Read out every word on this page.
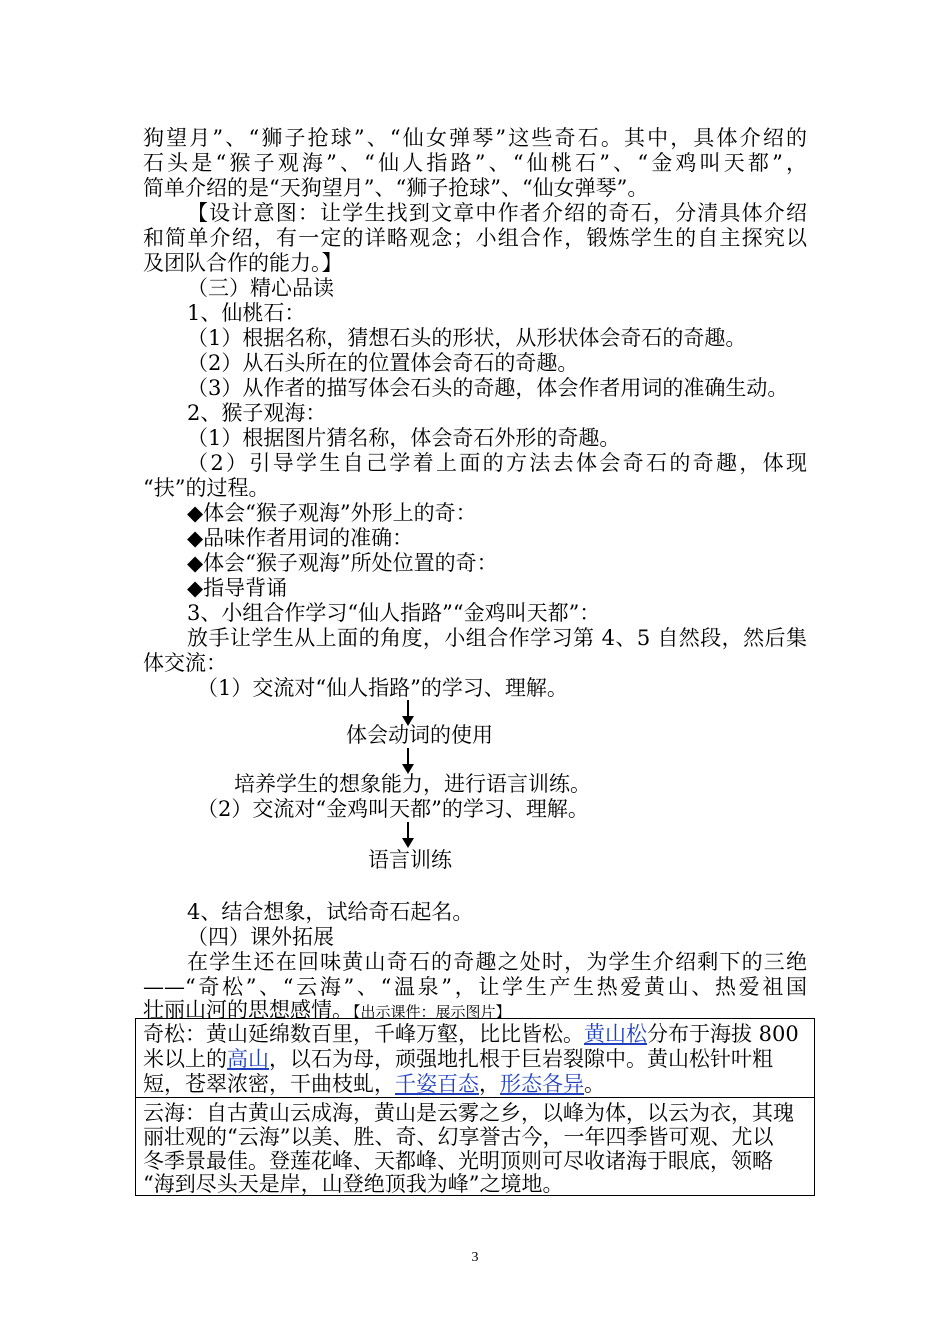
狗望月”、“狮子抢球”、“仙女弹琴”这些奇石。其中，具体介绍的
石头是“猴子观海”、“仙人指路”、“仙桃石”、“金鸡叫天都”，
简单介绍的是“天狗望月”、“狮子抢球”、“仙女弹琴”。
【设计意图：让学生找到文章中作者介绍的奇石，分清具体介绍
和简单介绍，有一定的详略观念；小组合作，锻炼学生的自主探究以
及团队合作的能力。】
（三）精心品读
1、仙桃石：
（1）根据名称，猜想石头的形状，从形状体会奇石的奇趣。
（2）从石头所在的位置体会奇石的奇趣。
（3）从作者的描写体会石头的奇趣，体会作者用词的准确生动。
2、猴子观海：
（1）根据图片猜名称，体会奇石外形的奇趣。
（2）引导学生自己学着上面的方法去体会奇石的奇趣，体现
“扶”的过程。
◆体会“猴子观海”外形上的奇：
◆品味作者用词的准确：
◆体会“猴子观海”所处位置的奇：
◆指导背诵
3、小组合作学习“仙人指路”“金鸡叫天都”：
放手让学生从上面的角度，小组合作学习第 4、5 自然段，然后集
体交流：
（1）交流对“仙人指路”的学习、理解。
体会动词的使用
培养学生的想象能力，进行语言训练。
（2）交流对“金鸡叫天都”的学习、理解。
语言训练
4、结合想象，试给奇石起名。
（四）课外拓展
在学生还在回味黄山奇石的奇趣之处时，为学生介绍剩下的三绝
——“奇松”、“云海”、“温泉”，让学生产生热爱黄山、热爱祖国
壮丽山河的思想感情。【出示课件：展示图片】
奇松：黄山延绵数百里，千峰万壑，比比皆松。黄山松分布于海拔 800
米以上的高山，以石为母，顽强地扎根于巨岩裂隙中。黄山松针叶粗
短，苍翠浓密，干曲枝虬，千姿百态，形态各异。
云海：自古黄山云成海，黄山是云雾之乡，以峰为体，以云为衣，其瑰
丽壮观的“云海”以美、胜、奇、幻享誉古今，一年四季皆可观、尤以
冬季景最佳。登莲花峰、天都峰、光明顶则可尽收诸海于眼底，领略
“海到尽头天是岸，山登绝顶我为峰”之境地。
3
